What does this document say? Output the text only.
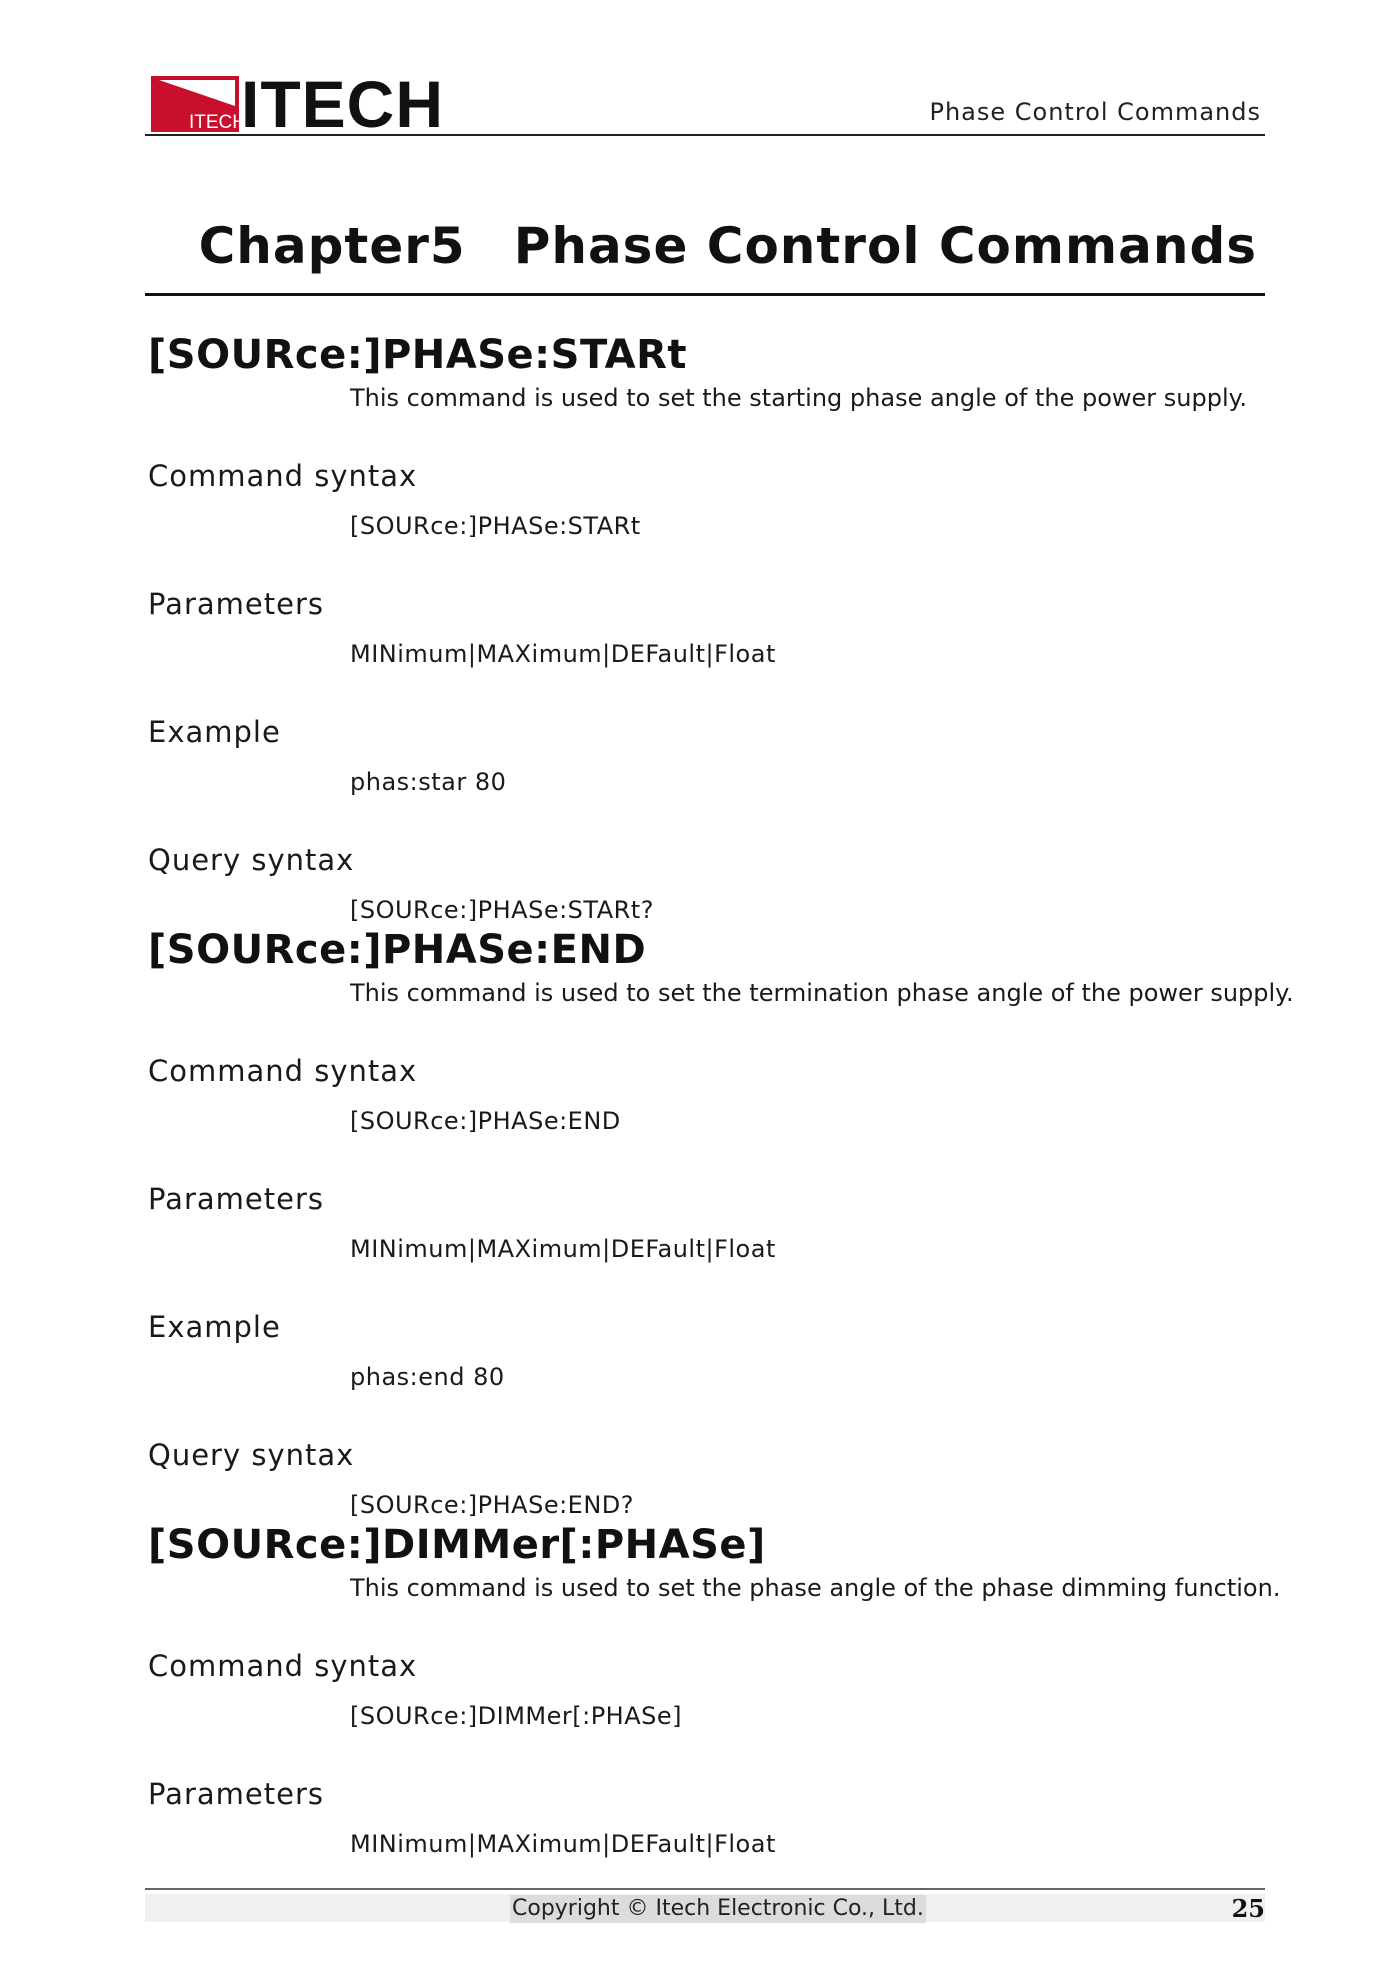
ITECH
ITECH	Phase Control Commands
Chapter5 Phase Control Commands
[SOURce:]PHASe:STARt

This command is used to set the starting phase angle of the power supply.

Command syntax
[SOURce:]PHASe:STARt
Parameters
MINimum|MAXimum|DEFault|Float
Example
phas:star 80
Query syntax
[SOURce:]PHASe:STARt?
[SOURce:]PHASe:END

This command is used to set the termination phase angle of the power supply.

Command syntax
[SOURce:]PHASe:END
Parameters
MINimum|MAXimum|DEFault|Float
Example
phas:end 80
Query syntax
[SOURce:]PHASe:END?
[SOURce:]DIMMer[:PHASe]

This command is used to set the phase angle of the phase dimming function.

Command syntax
[SOURce:]DIMMer[:PHASe]
Parameters
MINimum|MAXimum|DEFault|Float
Copyright © Itech Electronic Co., Ltd.	25
